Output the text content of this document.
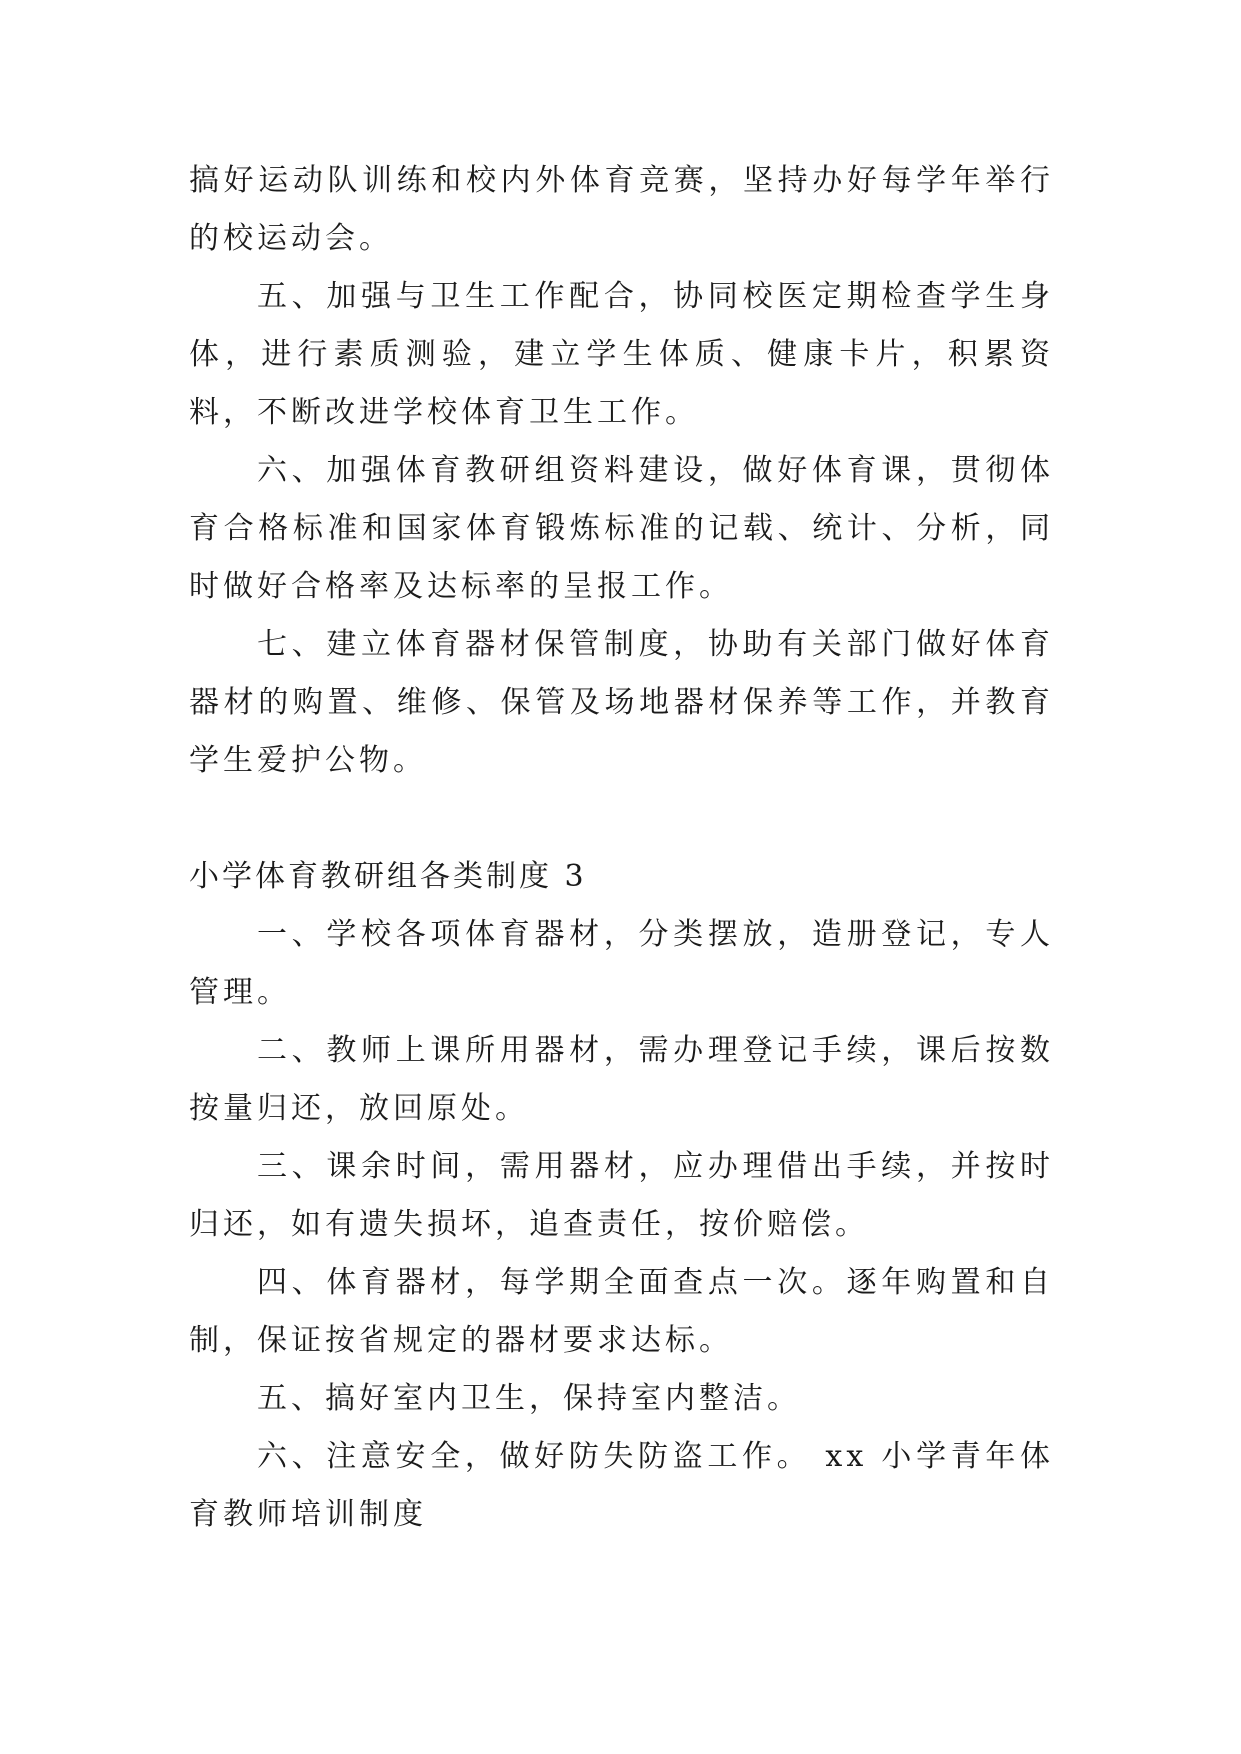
搞好运动队训练和校内外体育竞赛，坚持办好每学年举行的校运动会。

五、加强与卫生工作配合，协同校医定期检查学生身体，进行素质测验，建立学生体质、健康卡片，积累资料，不断改进学校体育卫生工作。

六、加强体育教研组资料建设，做好体育课，贯彻体育合格标准和国家体育锻炼标准的记载、统计、分析，同时做好合格率及达标率的呈报工作。

七、建立体育器材保管制度，协助有关部门做好体育器材的购置、维修、保管及场地器材保养等工作，并教育学生爱护公物。

小学体育教研组各类制度 3

一、学校各项体育器材，分类摆放，造册登记，专人管理。

二、教师上课所用器材，需办理登记手续，课后按数按量归还，放回原处。

三、课余时间，需用器材，应办理借出手续，并按时归还，如有遗失损坏，追查责任，按价赔偿。

四、体育器材，每学期全面查点一次。逐年购置和自制，保证按省规定的器材要求达标。

五、搞好室内卫生，保持室内整洁。

六、注意安全，做好防失防盗工作。 xx 小学青年体育教师培训制度
